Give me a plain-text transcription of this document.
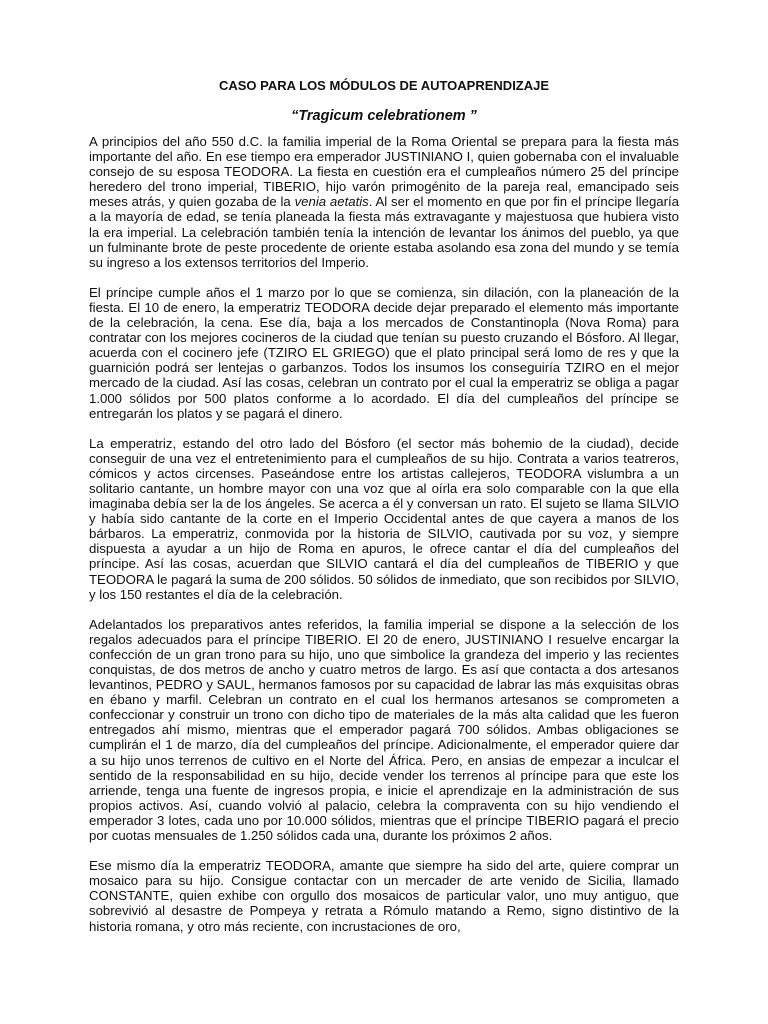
CASO PARA LOS MÓDULOS DE AUTOAPRENDIZAJE

“Tragicum celebrationem ”

A principios del año 550 d.C. la familia imperial de la Roma Oriental se prepara para la fiesta más importante del año. En ese tiempo era emperador JUSTINIANO I, quien gobernaba con el invaluable consejo de su esposa TEODORA. La fiesta en cuestión era el cumpleaños número 25 del príncipe heredero del trono imperial, TIBERIO, hijo varón primogénito de la pareja real, emancipado seis meses atrás, y quien gozaba de la venia aetatis. Al ser el momento en que por fin el príncipe llegaría a la mayoría de edad, se tenía planeada la fiesta más extravagante y majestuosa que hubiera visto la era imperial. La celebración también tenía la intención de levantar los ánimos del pueblo, ya que un fulminante brote de peste procedente de oriente estaba asolando esa zona del mundo y se temía su ingreso a los extensos territorios del Imperio.

El príncipe cumple años el 1 marzo por lo que se comienza, sin dilación, con la planeación de la fiesta. El 10 de enero, la emperatriz TEODORA decide dejar preparado el elemento más importante de la celebración, la cena. Ese día, baja a los mercados de Constantinopla (Nova Roma) para contratar con los mejores cocineros de la ciudad que tenían su puesto cruzando el Bósforo. Al llegar, acuerda con el cocinero jefe (TZIRO EL GRIEGO) que el plato principal será lomo de res y que la guarnición podrá ser lentejas o garbanzos. Todos los insumos los conseguiría TZIRO en el mejor mercado de la ciudad. Así las cosas, celebran un contrato por el cual la emperatriz se obliga a pagar 1.000 sólidos por 500 platos conforme a lo acordado. El día del cumpleaños del príncipe se entregarán los platos y se pagará el dinero.

La emperatriz, estando del otro lado del Bósforo (el sector más bohemio de la ciudad), decide conseguir de una vez el entretenimiento para el cumpleaños de su hijo. Contrata a varios teatreros, cómicos y actos circenses. Paseándose entre los artistas callejeros, TEODORA vislumbra a un solitario cantante, un hombre mayor con una voz que al oírla era solo comparable con la que ella imaginaba debía ser la de los ángeles. Se acerca a él y conversan un rato. El sujeto se llama SILVIO y había sido cantante de la corte en el Imperio Occidental antes de que cayera a manos de los bárbaros. La emperatriz, conmovida por la historia de SILVIO, cautivada por su voz, y siempre dispuesta a ayudar a un hijo de Roma en apuros, le ofrece cantar el día del cumpleaños del príncipe. Así las cosas, acuerdan que SILVIO cantará el día del cumpleaños de TIBERIO y que TEODORA le pagará la suma de 200 sólidos. 50 sólidos de inmediato, que son recibidos por SILVIO, y los 150 restantes el día de la celebración.

Adelantados los preparativos antes referidos, la familia imperial se dispone a la selección de los regalos adecuados para el príncipe TIBERIO. El 20 de enero, JUSTINIANO I resuelve encargar la confección de un gran trono para su hijo, uno que simbolice la grandeza del imperio y las recientes conquistas, de dos metros de ancho y cuatro metros de largo. Es así que contacta a dos artesanos levantinos, PEDRO y SAUL, hermanos famosos por su capacidad de labrar las más exquisitas obras en ébano y marfil. Celebran un contrato en el cual los hermanos artesanos se comprometen a confeccionar y construir un trono con dicho tipo de materiales de la más alta calidad que les fueron entregados ahí mismo, mientras que el emperador pagará 700 sólidos. Ambas obligaciones se cumplirán el 1 de marzo, día del cumpleaños del príncipe. Adicionalmente, el emperador quiere dar a su hijo unos terrenos de cultivo en el Norte del África. Pero, en ansias de empezar a inculcar el sentido de la responsabilidad en su hijo, decide vender los terrenos al príncipe para que este los arriende, tenga una fuente de ingresos propia, e inicie el aprendizaje en la administración de sus propios activos. Así, cuando volvió al palacio, celebra la compraventa con su hijo vendiendo el emperador 3 lotes, cada uno por 10.000 sólidos, mientras que el príncipe TIBERIO pagará el precio por cuotas mensuales de 1.250 sólidos cada una, durante los próximos 2 años.

Ese mismo día la emperatriz TEODORA, amante que siempre ha sido del arte, quiere comprar un mosaico para su hijo. Consigue contactar con un mercader de arte venido de Sicilia, llamado CONSTANTE, quien exhibe con orgullo dos mosaicos de particular valor, uno muy antiguo, que sobrevivió al desastre de Pompeya y retrata a Rómulo matando a Remo, signo distintivo de la historia romana, y otro más reciente, con incrustaciones de oro,
